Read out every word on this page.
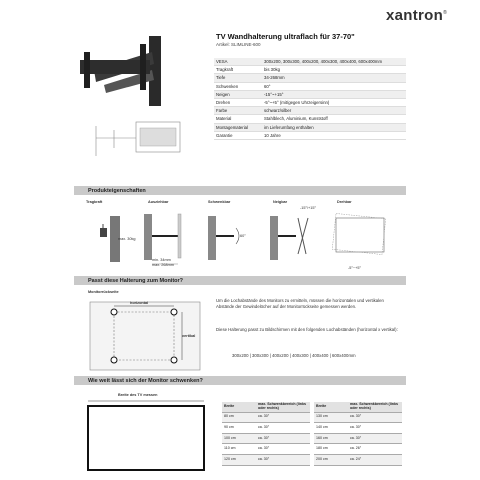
xantron®
TV Wandhalterung ultraflach für 37-70"
Artikel: SLIMLINE-600
VESA	300x200, 300x300, 400x200, 400x300, 400x400, 600x400mm
Tragkraft	bis 30kg
Tiefe	34-268mm
Schwenken	60°
Neigen	-15°~+15°
Drehen	-5°~+5° (mit/gegen Uhrzeigersinn)
Farbe	schwarz/silber
Material	Stahlblech, Aluminium, Kunststoff
Montagematerial	im Lieferumfang enthalten
Garantie	10 Jahre
Produkteigenschaften
Tragkraft	Ausziehbar	Schwenkbar	Neigbar	Drehbar
max. 30kg
min. 34mm
max. 268mm
60°
-15°/+15°
-5°~+5°
Passt diese Halterung zum Monitor?
Monitorrückseite
horizontal
vertikal
Um die Lochabstände des Monitors zu ermitteln, müssen die horizontalen und vertikalen Abstände der Gewindelöcher auf der Monitorrückseite gemessen werden.
Diese Halterung passt zu Bildschirmen mit den folgenden Lochabständen (horizontal x vertikal):
300x200 | 300x300 | 400x200 | 400x300 | 400x400 | 600x400mm
Wie weit lässt sich der Monitor schwenken?
Breite des TV messen
Breite	max. Schwenkbereich (links oder rechts)
80 cm	ca. 30°
90 cm	ca. 30°
100 cm	ca. 30°
110 cm	ca. 30°
120 cm	ca. 30°
Breite	max. Schwenkbereich (links oder rechts)
130 cm	ca. 30°
140 cm	ca. 30°
160 cm	ca. 30°
180 cm	ca. 26°
200 cm	ca. 24°
